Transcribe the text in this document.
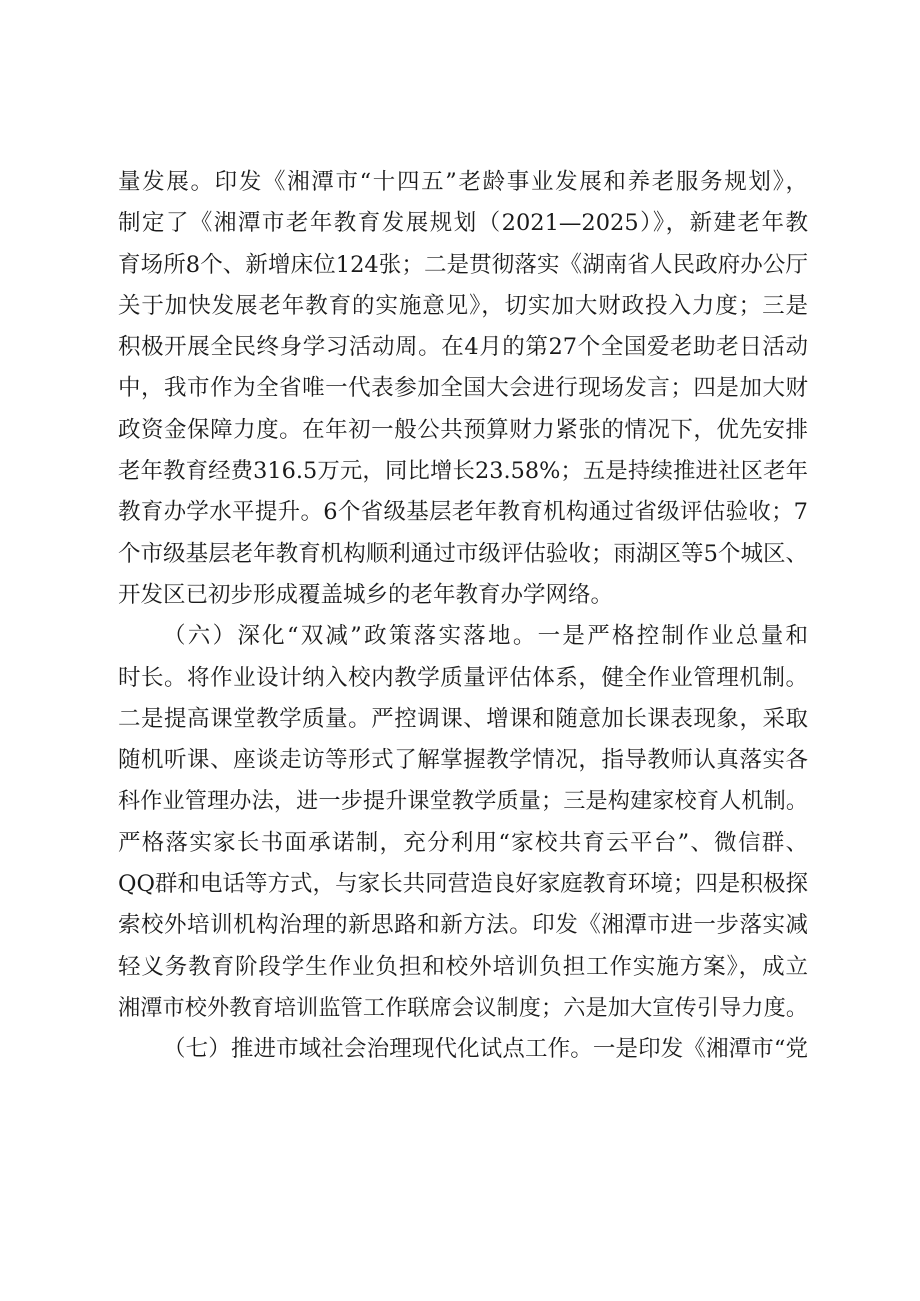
量发展。印发《湘潭市“十四五”老龄事业发展和养老服务规划》，
制定了《湘潭市老年教育发展规划（2021—2025）》，新建老年教
育场所8个、新增床位124张；二是贯彻落实《湖南省人民政府办公厅
关于加快发展老年教育的实施意见》，切实加大财政投入力度；三是
积极开展全民终身学习活动周。在4月的第27个全国爱老助老日活动
中，我市作为全省唯一代表参加全国大会进行现场发言；四是加大财
政资金保障力度。在年初一般公共预算财力紧张的情况下，优先安排
老年教育经费316.5万元，同比增长23.58%；五是持续推进社区老年
教育办学水平提升。6个省级基层老年教育机构通过省级评估验收；7
个市级基层老年教育机构顺利通过市级评估验收；雨湖区等5个城区、
开发区已初步形成覆盖城乡的老年教育办学网络。
（六）深化“双减”政策落实落地。一是严格控制作业总量和
时长。将作业设计纳入校内教学质量评估体系，健全作业管理机制。
二是提高课堂教学质量。严控调课、增课和随意加长课表现象，采取
随机听课、座谈走访等形式了解掌握教学情况，指导教师认真落实各
科作业管理办法，进一步提升课堂教学质量；三是构建家校育人机制。
严格落实家长书面承诺制，充分利用“家校共育云平台”、微信群、
QQ群和电话等方式，与家长共同营造良好家庭教育环境；四是积极探
索校外培训机构治理的新思路和新方法。印发《湘潭市进一步落实减
轻义务教育阶段学生作业负担和校外培训负担工作实施方案》，成立
湘潭市校外教育培训监管工作联席会议制度；六是加大宣传引导力度。
（七）推进市域社会治理现代化试点工作。一是印发《湘潭市“党
